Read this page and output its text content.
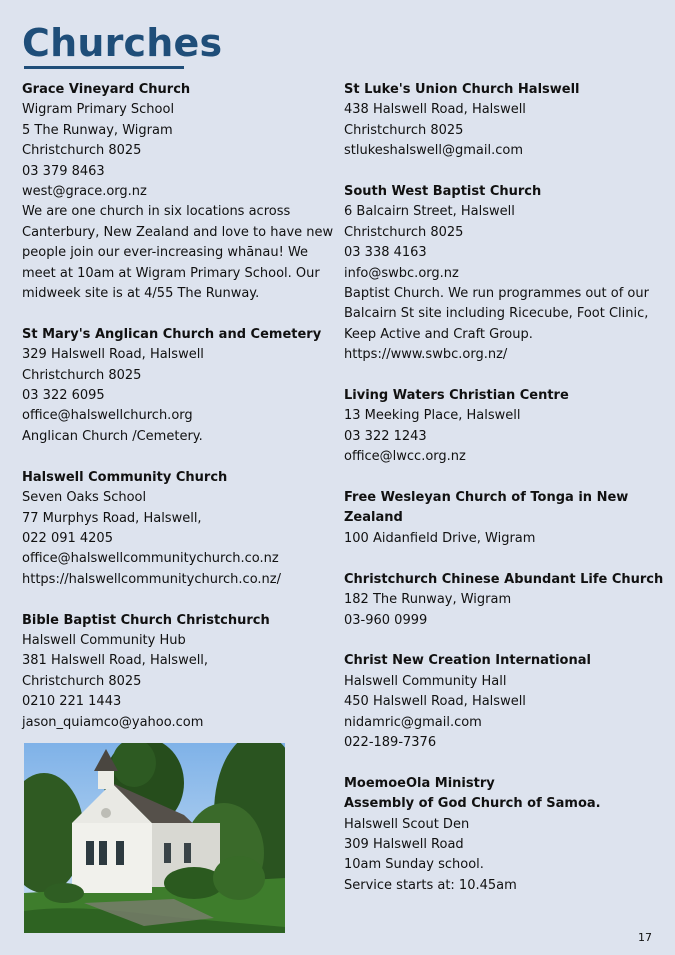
Churches
Grace Vineyard Church
Wigram Primary School
5 The Runway, Wigram
Christchurch 8025
03 379 8463
west@grace.org.nz
We are one church in six locations across Canterbury, New Zealand and love to have new people join our ever-increasing whānau! We meet at 10am at Wigram Primary School. Our midweek site is at 4/55 The Runway.
St Mary's Anglican Church and Cemetery
329 Halswell Road, Halswell
Christchurch 8025
03 322 6095
office@halswellchurch.org
Anglican Church /Cemetery.
Halswell Community Church
Seven Oaks School
77 Murphys Road, Halswell,
022 091 4205
office@halswellcommunitychurch.co.nz
https://halswellcommunitychurch.co.nz/
Bible Baptist Church Christchurch
Halswell Community Hub
381 Halswell Road, Halswell,
Christchurch 8025
0210 221 1443
jason_quiamco@yahoo.com
St Luke's Union Church Halswell
438 Halswell Road, Halswell
Christchurch 8025
stlukeshalswell@gmail.com
South West Baptist Church
6 Balcairn Street, Halswell
Christchurch 8025
03 338 4163
info@swbc.org.nz
Baptist Church. We run programmes out of our Balcairn St site including Ricecube, Foot Clinic, Keep Active and Craft Group.
https://www.swbc.org.nz/
Living Waters Christian Centre
13 Meeking Place, Halswell
03 322 1243
office@lwcc.org.nz
Free Wesleyan Church of Tonga in New Zealand
100 Aidanfield Drive, Wigram
Christchurch Chinese Abundant Life Church
182 The Runway, Wigram
03-960 0999
Christ New Creation International
Halswell Community Hall
450 Halswell Road, Halswell
nidamric@gmail.com
022-189-7376
MoemoeOla Ministry
Assembly of God Church of Samoa.
Halswell Scout Den
309 Halswell Road
10am Sunday school.
Service starts at: 10.45am
17
